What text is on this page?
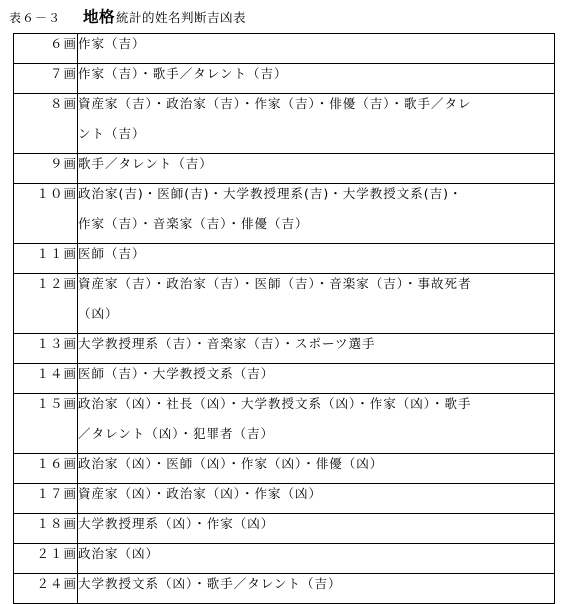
表６－３ 地格 統計的姓名判断吉凶表
６画	作家（吉）

７画	作家（吉）・歌手／タレント（吉）

８画	資産家（吉）・政治家（吉）・作家（吉）・俳優（吉）・歌手／タレ
ント（吉）

９画	歌手／タレント（吉）

１０画	政治家(吉)・医師(吉)・大学教授理系(吉)・大学教授文系(吉)・
作家（吉）・音楽家（吉）・俳優（吉）

１１画	医師（吉）

１２画	資産家（吉）・政治家（吉）・医師（吉）・音楽家（吉）・事故死者
（凶）

１３画	大学教授理系（吉）・音楽家（吉）・スポーツ選手

１４画	医師（吉）・大学教授文系（吉）

１５画	政治家（凶）・社長（凶）・大学教授文系（凶）・作家（凶）・歌手
／タレント（凶）・犯罪者（吉）

１６画	政治家（凶）・医師（凶）・作家（凶）・俳優（凶）

１７画	資産家（凶）・政治家（凶）・作家（凶）

１８画	大学教授理系（凶）・作家（凶）

２１画	政治家（凶）

２４画	大学教授文系（凶）・歌手／タレント（吉）
